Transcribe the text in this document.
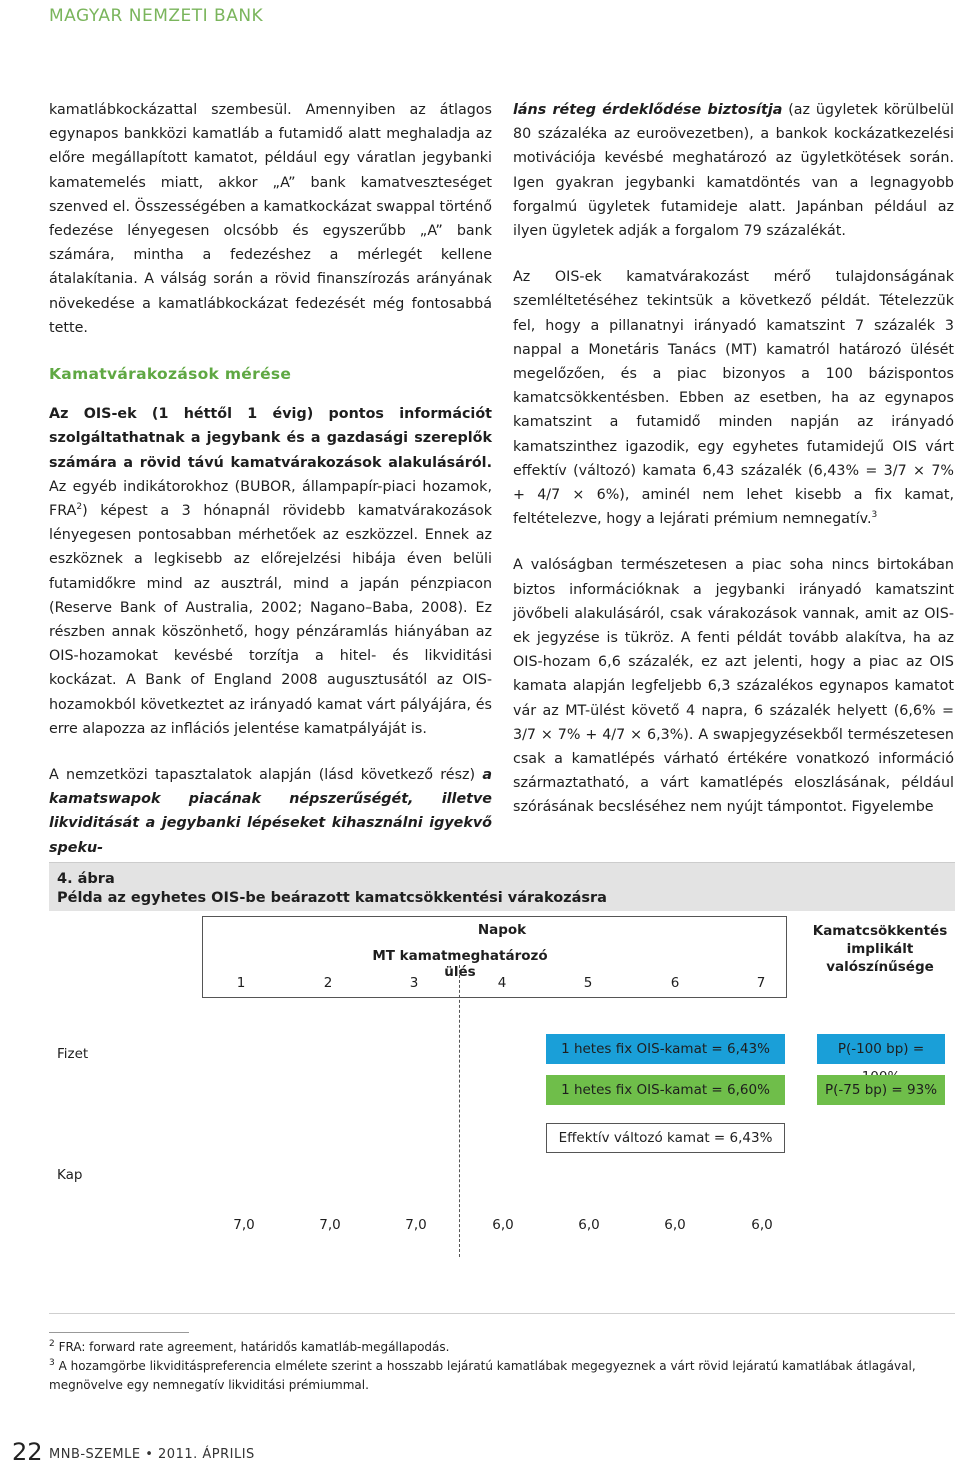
MAGYAR NEMZETI BANK

kamatlábkockázattal szembesül. Amennyiben az átlagos egynapos bankközi kamatláb a futamidő alatt meghaladja az előre megállapított kamatot, például egy váratlan jegybanki kamatemelés miatt, akkor „A” bank kamatveszteséget szenved el. Összességében a kamatkockázat swappal történő fedezése lényegesen olcsóbb és egyszerűbb „A” bank számára, mintha a fedezéshez a mérlegét kellene átalakítania. A válság során a rövid finanszírozás arányának növekedése a kamatlábkockázat fedezését még fontosabbá tette.

Kamatvárakozások mérése

Az OIS-ek (1 héttől 1 évig) pontos információt szolgáltathatnak a jegybank és a gazdasági szereplők számára a rövid távú kamatvárakozások alakulásáról. Az egyéb indikátorokhoz (BUBOR, állampapír-piaci hozamok, FRA$^2$) képest a 3 hónapnál rövidebb kamatvárakozások lényegesen pontosabban mérhetőek az eszközzel. Ennek az eszköznek a legkisebb az előrejelzési hibája éven belüli futamidőkre mind az ausztrál, mind a japán pénzpiacon (Reserve Bank of Australia, 2002; Nagano–Baba, 2008). Ez részben annak köszönhető, hogy pénzáramlás hiányában az OIS-hozamokat kevésbé torzítja a hitel- és likviditási kockázat. A Bank of England 2008 augusztusától az OIS-hozamokból következtet az irányadó kamat várt pályájára, és erre alapozza az inflációs jelentése kamatpályáját is.

A nemzetközi tapasztalatok alapján (lásd következő rész) a kamatswapok piacának népszerűségét, illetve likviditását a jegybanki lépéseket kihasználni igyekvő speku-

láns réteg érdeklődése biztosítja (az ügyletek körülbelül 80 százaléka az euroövezetben), a bankok kockázatkezelési motivációja kevésbé meghatározó az ügyletkötések során. Igen gyakran jegybanki kamatdöntés van a legnagyobb forgalmú ügyletek futamideje alatt. Japánban például az ilyen ügyletek adják a forgalom 79 százalékát.

Az OIS-ek kamatvárakozást mérő tulajdonságának szemléltetéséhez tekintsük a következő példát. Tételezzük fel, hogy a pillanatnyi irányadó kamatszint 7 százalék 3 nappal a Monetáris Tanács (MT) kamatról határozó ülését megelőzően, és a piac bizonyos a 100 bázispontos kamatcsökkentésben. Ebben az esetben, ha az egynapos kamatszint a futamidő minden napján az irányadó kamatszinthez igazodik, egy egyhetes futamidejű OIS várt effektív (változó) kamata 6,43 százalék (6,43% = 3/7 × 7% + 4/7 × 6%), aminél nem lehet kisebb a fix kamat, feltételezve, hogy a lejárati prémium nemnegatív.$^3$

A valóságban természetesen a piac soha nincs birtokában biztos információknak a jegybanki irányadó kamatszint jövőbeli alakulásáról, csak várakozások vannak, amit az OIS-ek jegyzése is tükröz. A fenti példát tovább alakítva, ha az OIS-hozam 6,6 százalék, ez azt jelenti, hogy a piac az OIS kamata alapján legfeljebb 6,3 százalékos egynapos kamatot vár az MT-ülést követő 4 napra, 6 százalék helyett (6,6% = 3/7 × 7% + 4/7 × 6,3%). A swapjegyzésekből természetesen csak a kamatlépés várható értékére vonatkozó információ származtatható, a várt kamatlépés eloszlásának, például szórásának becsléséhez nem nyújt támpontot. Figyelembe

4. ábra
Példa az egyhetes OIS-be beárazott kamatcsökkentési várakozásra
Napok
MT kamatmeghatározó ülés
1	2	3	4	5	6	7
Kamatcsökkentés implikált valószínűsége
Fizet
Kap
1 hetes fix OIS-kamat = 6,43%	P(-100 bp) =
1 hetes fix OIS-kamat = 6,60%	P(-75 bp) = 93%
Effektív változó kamat = 6,43%
7,0	7,0	7,0	6,0	6,0	6,0	6,0
$^2$ FRA: forward rate agreement, határidős kamatláb-megállapodás.
$^3$ A hozamgörbe likviditáspreferencia elmélete szerint a hosszabb lejáratú kamatlábak megegyeznek a várt rövid lejáratú kamatlábak átlagával, megnövelve egy nemnegatív likviditási prémiummal.
22 MNB-SZEMLE • 2011. ÁPRILIS
